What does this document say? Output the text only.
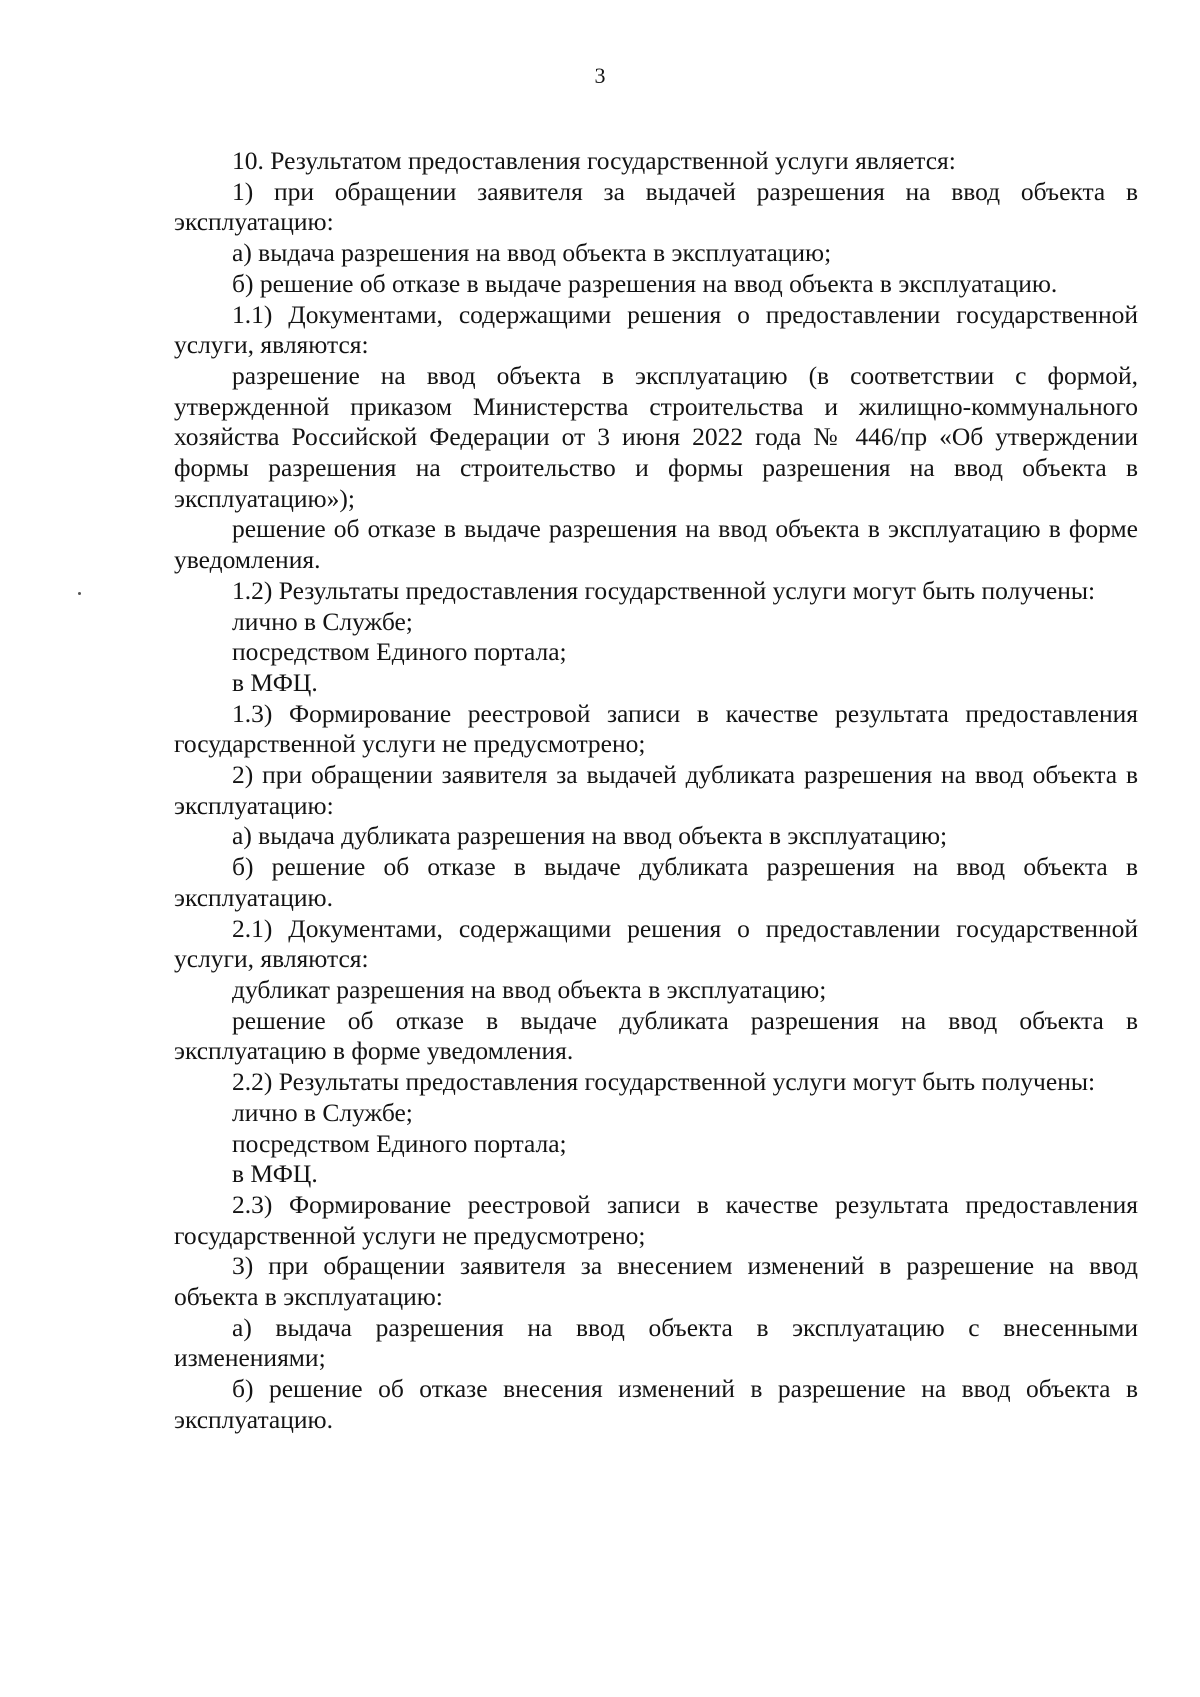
3

10. Результатом предоставления государственной услуги является:

1) при обращении заявителя за выдачей разрешения на ввод объекта в эксплуатацию:

а) выдача разрешения на ввод объекта в эксплуатацию;

б) решение об отказе в выдаче разрешения на ввод объекта в эксплуатацию.

1.1) Документами, содержащими решения о предоставлении государственной услуги, являются:

разрешение на ввод объекта в эксплуатацию (в соответствии с формой, утвержденной приказом Министерства строительства и жилищно-коммунального хозяйства Российской Федерации от 3 июня 2022 года № 446/пр «Об утверждении формы разрешения на строительство и формы разрешения на ввод объекта в эксплуатацию»);

решение об отказе в выдаче разрешения на ввод объекта в эксплуатацию в форме уведомления.

1.2) Результаты предоставления государственной услуги могут быть получены:

лично в Службе;

посредством Единого портала;

в МФЦ.

1.3) Формирование реестровой записи в качестве результата предоставления государственной услуги не предусмотрено;

2) при обращении заявителя за выдачей дубликата разрешения на ввод объекта в эксплуатацию:

а) выдача дубликата разрешения на ввод объекта в эксплуатацию;

б) решение об отказе в выдаче дубликата разрешения на ввод объекта в эксплуатацию.

2.1) Документами, содержащими решения о предоставлении государственной услуги, являются:

дубликат разрешения на ввод объекта в эксплуатацию;

решение об отказе в выдаче дубликата разрешения на ввод объекта в эксплуатацию в форме уведомления.

2.2) Результаты предоставления государственной услуги могут быть получены:

лично в Службе;

посредством Единого портала;

в МФЦ.

2.3) Формирование реестровой записи в качестве результата предоставления государственной услуги не предусмотрено;

3) при обращении заявителя за внесением изменений в разрешение на ввод объекта в эксплуатацию:

а) выдача разрешения на ввод объекта в эксплуатацию с внесенными изменениями;

б) решение об отказе внесения изменений в разрешение на ввод объекта в эксплуатацию.
